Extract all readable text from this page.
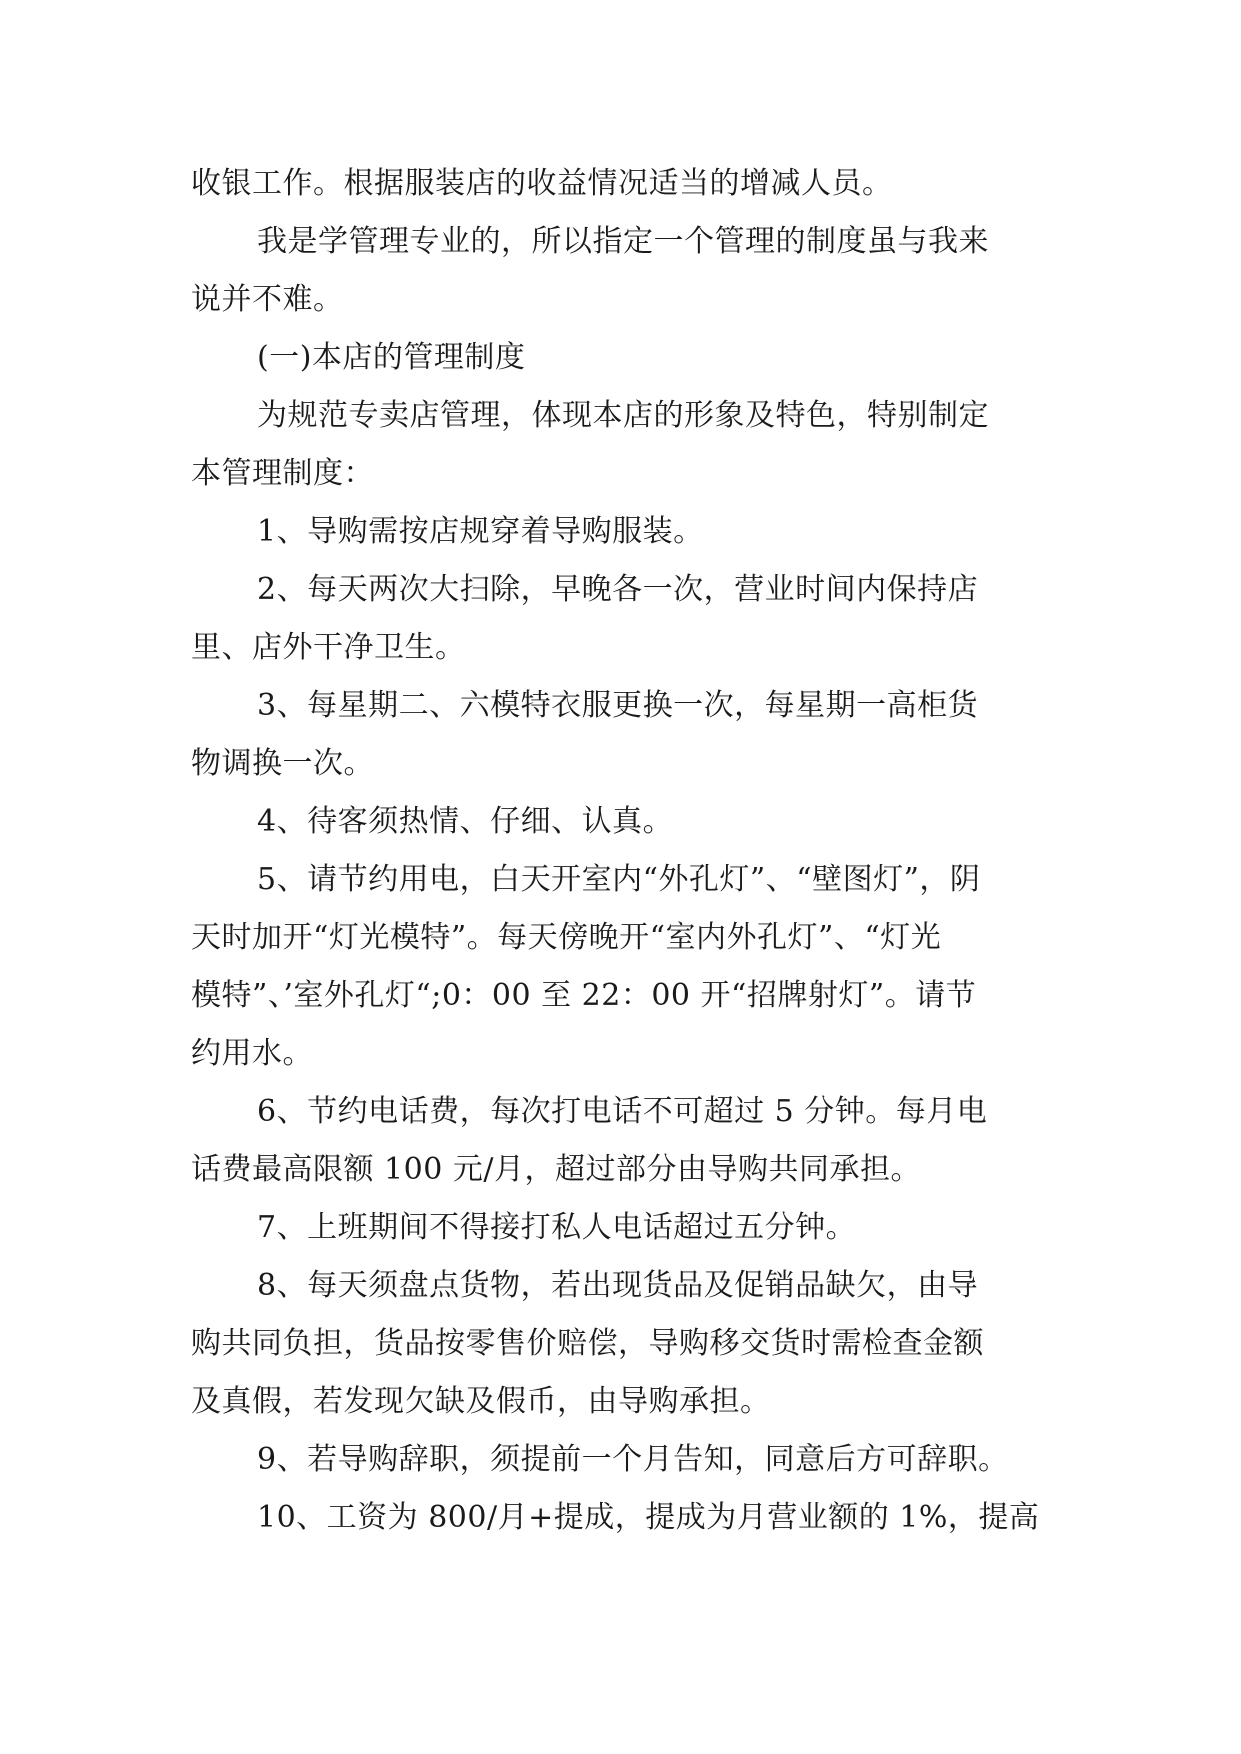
收银工作。根据服装店的收益情况适当的增减人员。
我是学管理专业的，所以指定一个管理的制度虽与我来
说并不难。
(一)本店的管理制度
为规范专卖店管理，体现本店的形象及特色，特别制定
本管理制度：
1、导购需按店规穿着导购服装。
2、每天两次大扫除，早晚各一次，营业时间内保持店
里、店外干净卫生。
3、每星期二、六模特衣服更换一次，每星期一高柜货
物调换一次。
4、待客须热情、仔细、认真。
5、请节约用电，白天开室内“外孔灯”、“壁图灯”，阴
天时加开“灯光模特”。每天傍晚开“室内外孔灯”、“灯光
模特”、’室外孔灯“;0：00 至 22：00 开“招牌射灯”。请节
约用水。
6、节约电话费，每次打电话不可超过 5 分钟。每月电
话费最高限额 100 元/月，超过部分由导购共同承担。
7、上班期间不得接打私人电话超过五分钟。
8、每天须盘点货物，若出现货品及促销品缺欠，由导
购共同负担，货品按零售价赔偿，导购移交货时需检查金额
及真假，若发现欠缺及假币，由导购承担。
9、若导购辞职，须提前一个月告知，同意后方可辞职。
10、工资为 800/月+提成，提成为月营业额的 1%，提高
